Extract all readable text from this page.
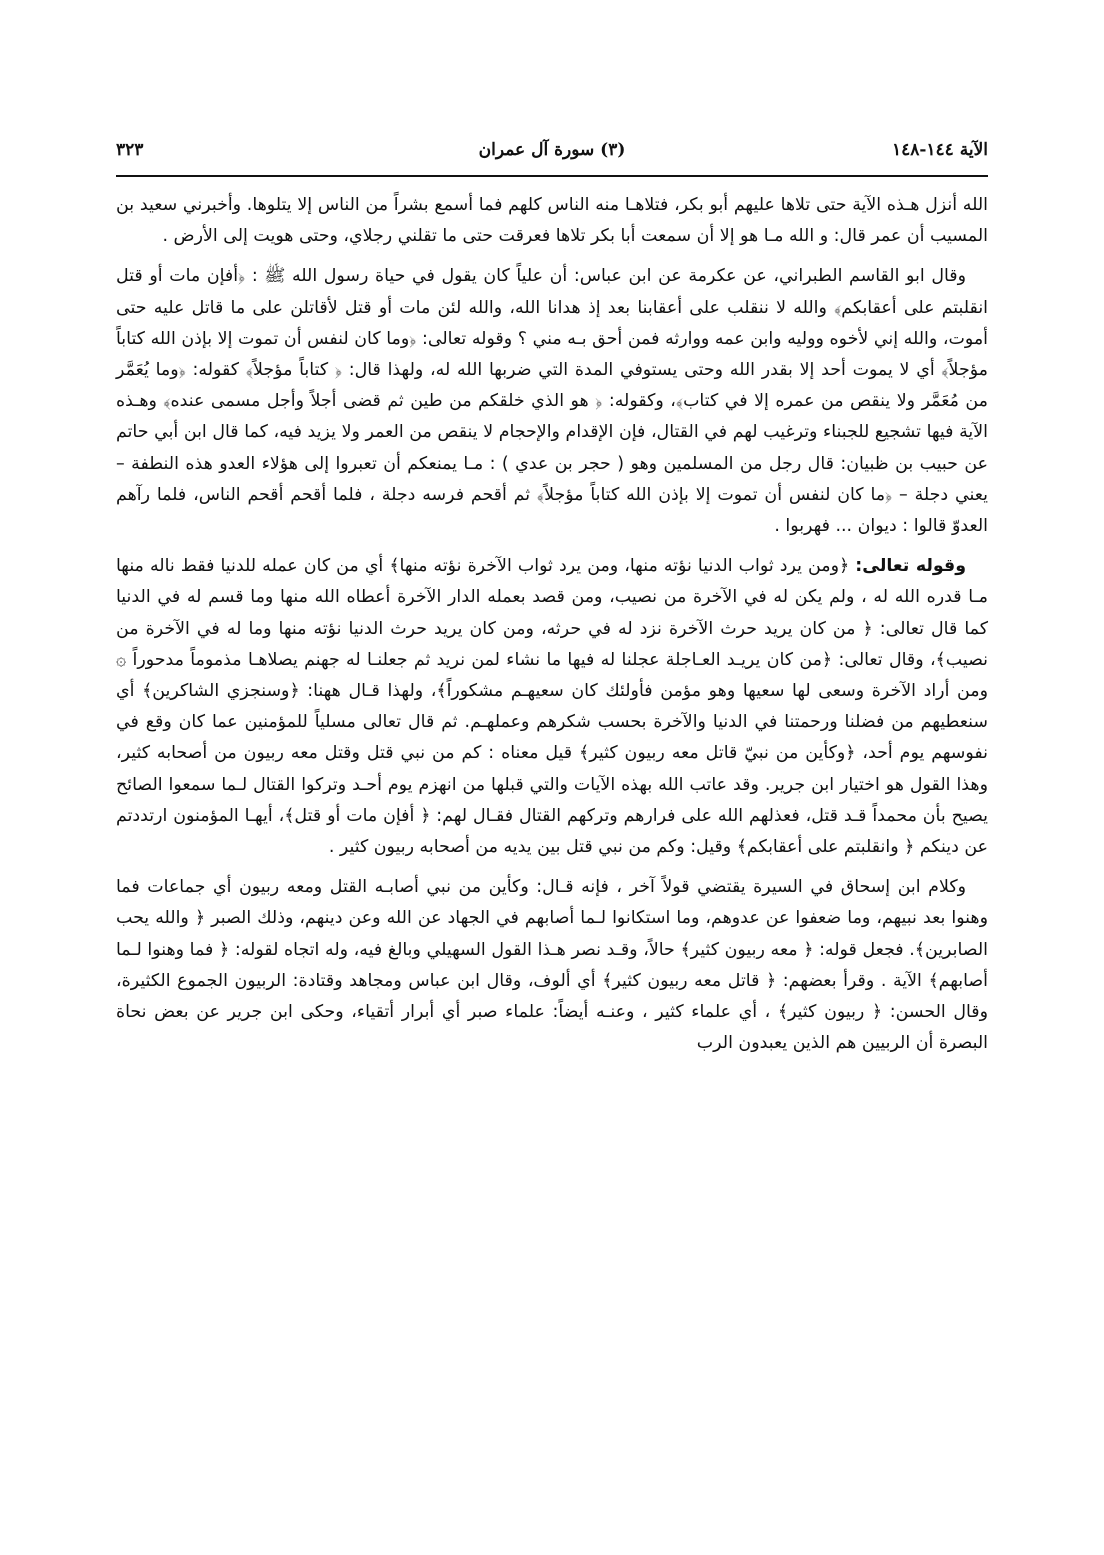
الآية ١٤٤-١٤٨
(٣) سورة آل عمران
٣٢٣

الله أنزل هـذه الآية حتى تلاها عليهم أبو بكر، فتلاهـا منه الناس كلهم فما أسمع بشراً من الناس إلا يتلوها. وأخبرني سعيد بن المسيب أن عمر قال: و الله مـا هو إلا أن سمعت أبا بكر تلاها فعرقت حتى ما تقلني رجلاي، وحتى هويت إلى الأرض .

وقال ابو القاسم الطبراني، عن عكرمة عن ابن عباس: أن علياً كان يقول في حياة رسول الله ﷺ : ﴿أفإن مات أو قتل انقلبتم على أعقابكم﴾ والله لا ننقلب على أعقابنا بعد إذ هدانا الله، والله لئن مات أو قتل لأقاتلن على ما قاتل عليه حتى أموت، والله إني لأخوه ووليه وابن عمه ووارثه فمن أحق بـه مني ؟ وقوله تعالى: ﴿وما كان لنفس أن تموت إلا بإذن الله كتاباً مؤجلاً﴾ أي لا يموت أحد إلا بقدر الله وحتى يستوفي المدة التي ضربها الله له، ولهذا قال: ﴿ كتاباً مؤجلاً﴾ كقوله: ﴿وما يُعَمَّر من مُعَمَّر ولا ينقص من عمره إلا في كتاب﴾، وكقوله: ﴿ هو الذي خلقكم من طين ثم قضى أجلاً وأجل مسمى عنده﴾ وهـذه الآية فيها تشجيع للجبناء وترغيب لهم في القتال، فإن الإقدام والإحجام لا ينقص من العمر ولا يزيد فيه، كما قال ابن أبي حاتم عن حبيب بن ظبيان: قال رجل من المسلمين وهو ( حجر بن عدي ) : مـا يمنعكم أن تعبروا إلى هؤلاء العدو هذه النطفة – يعني دجلة – ﴿ما كان لنفس أن تموت إلا بإذن الله كتاباً مؤجلاً﴾ ثم أقحم فرسه دجلة ، فلما أقحم أقحم الناس، فلما رآهم العدوّ قالوا : ديوان ... فهربوا .

وقوله تعالى: ﴿ومن يرد ثواب الدنيا نؤته منها، ومن يرد ثواب الآخرة نؤته منها﴾ أي من كان عمله للدنيا فقط ناله منها مـا قدره الله له ، ولم يكن له في الآخرة من نصيب، ومن قصد بعمله الدار الآخرة أعطاه الله منها وما قسم له في الدنيا كما قال تعالى: ﴿ من كان يريد حرث الآخرة نزد له في حرثه، ومن كان يريد حرث الدنيا نؤته منها وما له في الآخرة من نصيب﴾، وقال تعالى: ﴿من كان يريـد العـاجلة عجلنا له فيها ما نشاء لمن نريد ثم جعلنـا له جهنم يصلاهـا مذموماً مدحوراً ۞ ومن أراد الآخرة وسعى لها سعيها وهو مؤمن فأولئك كان سعيهـم مشكوراً﴾، ولهذا قـال ههنا: ﴿وسنجزي الشاكرين﴾ أي سنعطيهم من فضلنا ورحمتنا في الدنيا والآخرة بحسب شكرهم وعملهـم. ثم قال تعالى مسلياً للمؤمنين عما كان وقع في نفوسهم يوم أحد، ﴿وكأين من نبيّ قاتل معه ربيون كثير﴾ قيل معناه : كم من نبي قتل وقتل معه ربيون من أصحابه كثير، وهذا القول هو اختيار ابن جرير. وقد عاتب الله بهذه الآيات والتي قبلها من انهزم يوم أحـد وتركوا القتال لـما سمعوا الصائح يصيح بأن محمداً قـد قتل، فعذلهم الله على فرارهم وتركهم القتال فقـال لهم: ﴿ أفإن مات أو قتل﴾، أيهـا المؤمنون ارتددتم عن دينكم ﴿ وانقلبتم على أعقابكم﴾ وقيل: وكم من نبي قتل بين يديه من أصحابه ربيون كثير .

وكلام ابن إسحاق في السيرة يقتضي قولاً آخر ، فإنه قـال: وكأين من نبي أصابـه القتل ومعه ربيون أي جماعات فما وهنوا بعد نبيهم، وما ضعفوا عن عدوهم، وما استكانوا لـما أصابهم في الجهاد عن الله وعن دينهم، وذلك الصبر ﴿ والله يحب الصابرين﴾. فجعل قوله: ﴿ معه ربيون كثير﴾ حالاً، وقـد نصر هـذا القول السهيلي وبالغ فيه، وله اتجاه لقوله: ﴿ فما وهنوا لـما أصابهم﴾ الآية . وقرأ بعضهم: ﴿ قاتل معه ربيون كثير﴾ أي ألوف، وقال ابن عباس ومجاهد وقتادة: الربيون الجموع الكثيرة، وقال الحسن: ﴿ ربيون كثير﴾ ، أي علماء كثير ، وعنـه أيضاً: علماء صبر أي أبرار أتقياء، وحكى ابن جرير عن بعض نحاة البصرة أن الربيين هم الذين يعبدون الرب
